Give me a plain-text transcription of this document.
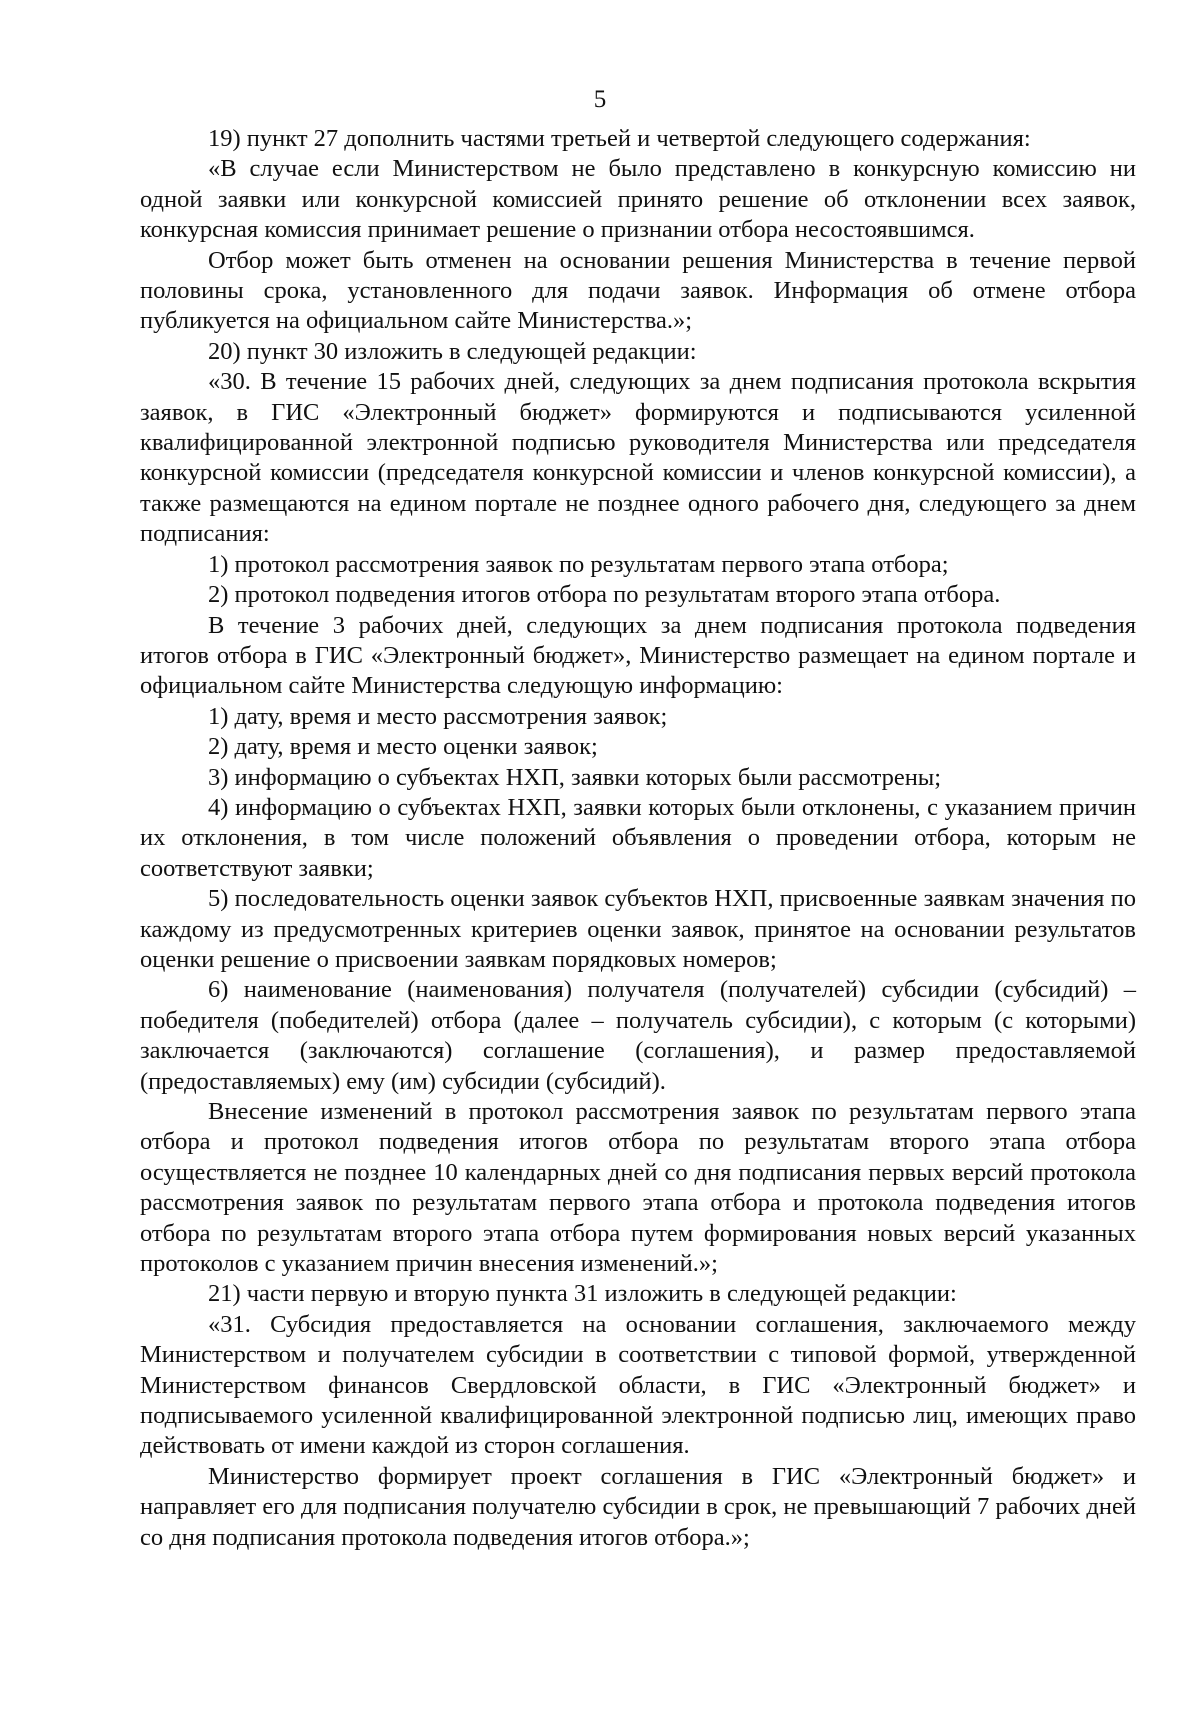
5

19) пункт 27 дополнить частями третьей и четвертой следующего содержания:

«В случае если Министерством не было представлено в конкурсную комиссию ни одной заявки или конкурсной комиссией принято решение об отклонении всех заявок, конкурсная комиссия принимает решение о признании отбора несостоявшимся.

Отбор может быть отменен на основании решения Министерства в течение первой половины срока, установленного для подачи заявок. Информация об отмене отбора публикуется на официальном сайте Министерства.»;

20) пункт 30 изложить в следующей редакции:

«30. В течение 15 рабочих дней, следующих за днем подписания протокола вскрытия заявок, в ГИС «Электронный бюджет» формируются и подписываются усиленной квалифицированной электронной подписью руководителя Министерства или председателя конкурсной комиссии (председателя конкурсной комиссии и членов конкурсной комиссии), а также размещаются на едином портале не позднее одного рабочего дня, следующего за днем подписания:

1) протокол рассмотрения заявок по результатам первого этапа отбора;

2) протокол подведения итогов отбора по результатам второго этапа отбора.

В течение 3 рабочих дней, следующих за днем подписания протокола подведения итогов отбора в ГИС «Электронный бюджет», Министерство размещает на едином портале и официальном сайте Министерства следующую информацию:

1) дату, время и место рассмотрения заявок;

2) дату, время и место оценки заявок;

3) информацию о субъектах НХП, заявки которых были рассмотрены;

4) информацию о субъектах НХП, заявки которых были отклонены, с указанием причин их отклонения, в том числе положений объявления о проведении отбора, которым не соответствуют заявки;

5) последовательность оценки заявок субъектов НХП, присвоенные заявкам значения по каждому из предусмотренных критериев оценки заявок, принятое на основании результатов оценки решение о присвоении заявкам порядковых номеров;

6) наименование (наименования) получателя (получателей) субсидии (субсидий) – победителя (победителей) отбора (далее – получатель субсидии), с которым (с которыми) заключается (заключаются) соглашение (соглашения), и размер предоставляемой (предоставляемых) ему (им) субсидии (субсидий).

Внесение изменений в протокол рассмотрения заявок по результатам первого этапа отбора и протокол подведения итогов отбора по результатам второго этапа отбора осуществляется не позднее 10 календарных дней со дня подписания первых версий протокола рассмотрения заявок по результатам первого этапа отбора и протокола подведения итогов отбора по результатам второго этапа отбора путем формирования новых версий указанных протоколов с указанием причин внесения изменений.»;

21) части первую и вторую пункта 31 изложить в следующей редакции:

«31. Субсидия предоставляется на основании соглашения, заключаемого между Министерством и получателем субсидии в соответствии с типовой формой, утвержденной Министерством финансов Свердловской области, в ГИС «Электронный бюджет» и подписываемого усиленной квалифицированной электронной подписью лиц, имеющих право действовать от имени каждой из сторон соглашения.

Министерство формирует проект соглашения в ГИС «Электронный бюджет» и направляет его для подписания получателю субсидии в срок, не превышающий 7 рабочих дней со дня подписания протокола подведения итогов отбора.»;
